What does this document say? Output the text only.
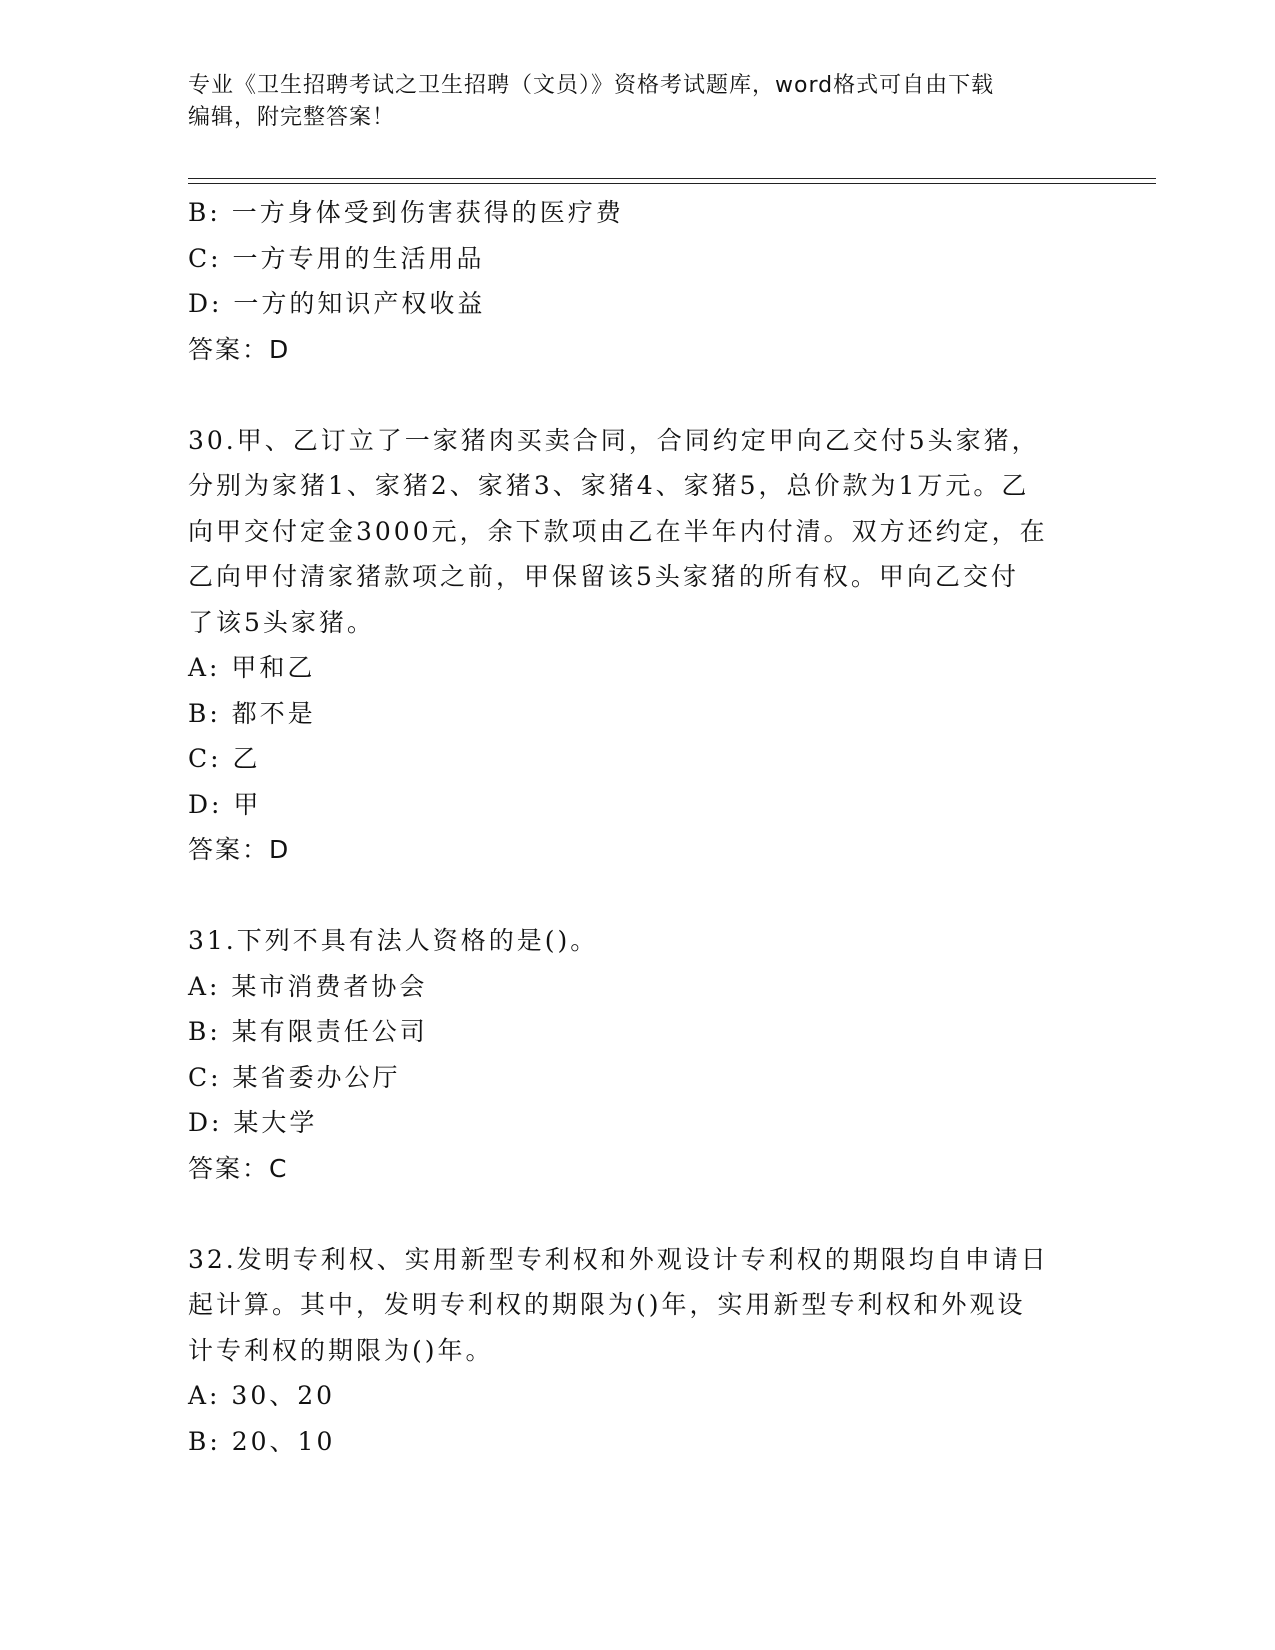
专业《卫生招聘考试之卫生招聘（文员）》资格考试题库，word格式可自由下载
编辑，附完整答案！
B: 一方身体受到伤害获得的医疗费
C: 一方专用的生活用品
D: 一方的知识产权收益
答案：D
30.甲、乙订立了一家猪肉买卖合同，合同约定甲向乙交付5头家猪，
分别为家猪1、家猪2、家猪3、家猪4、家猪5，总价款为1万元。乙
向甲交付定金3000元，余下款项由乙在半年内付清。双方还约定，在
乙向甲付清家猪款项之前，甲保留该5头家猪的所有权。甲向乙交付
了该5头家猪。
A: 甲和乙
B: 都不是
C: 乙
D: 甲
答案：D
31.下列不具有法人资格的是()。
A: 某市消费者协会
B: 某有限责任公司
C: 某省委办公厅
D: 某大学
答案：C
32.发明专利权、实用新型专利权和外观设计专利权的期限均自申请日
起计算。其中，发明专利权的期限为()年，实用新型专利权和外观设
计专利权的期限为()年。
A: 30、20
B: 20、10
